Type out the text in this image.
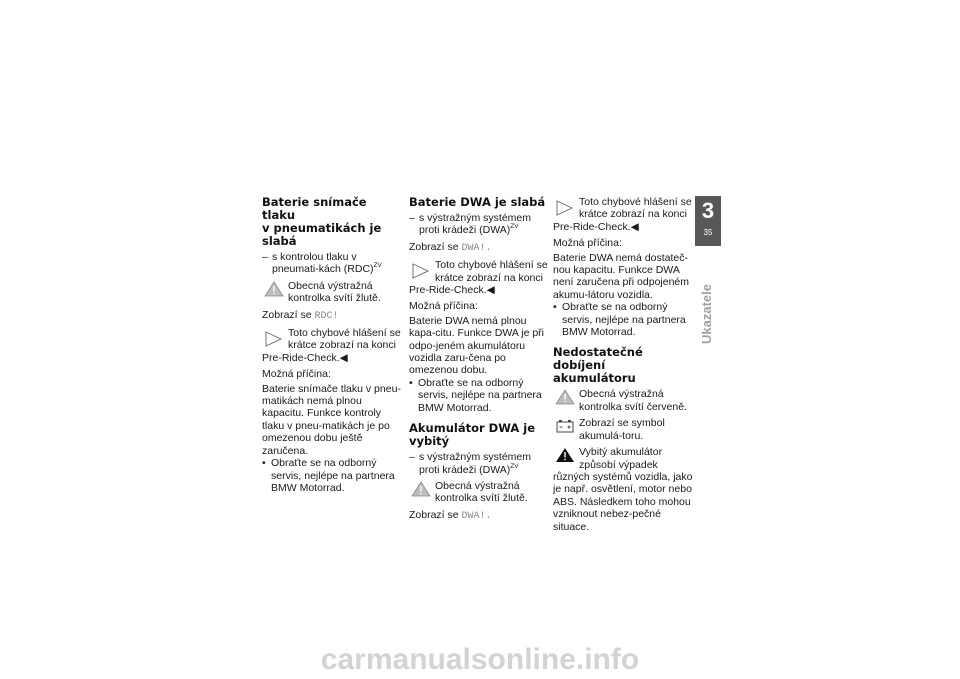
Baterie snímače tlaku
v pneumatikách je slabá

– s kontrolou tlaku v pneumati-kách (RDC)$^{ZV}$

Obecná výstražná kontrolka svítí žlutě.

Zobrazí se RDC!

Toto chybové hlášení se krátce zobrazí na konci Pre-Ride-Check.◀

Možná příčina:

Baterie snímače tlaku v pneu-matikách nemá plnou kapacitu. Funkce kontroly tlaku v pneu-matikách je po omezenou dobu ještě zaručena.

• Obraťte se na odborný servis, nejlépe na partnera BMW Motorrad.

Baterie DWA je slabá

– s výstražným systémem proti krádeži (DWA)$^{ZV}$

Zobrazí se DWA!.

Toto chybové hlášení se krátce zobrazí na konci Pre-Ride-Check.◀

Možná příčina:

Baterie DWA nemá plnou kapa-citu. Funkce DWA je při odpo-jeném akumulátoru vozidla zaru-čena po omezenou dobu.

• Obraťte se na odborný servis, nejlépe na partnera BMW Motorrad.

Akumulátor DWA je vybitý

– s výstražným systémem proti krádeži (DWA)$^{ZV}$

Obecná výstražná kontrolka svítí žlutě.

Zobrazí se DWA!.

Toto chybové hlášení se krátce zobrazí na konci Pre-Ride-Check.◀

Možná příčina:

Baterie DWA nemá dostateč-nou kapacitu. Funkce DWA není zaručena při odpojeném akumu-látoru vozidla.

• Obraťte se na odborný servis, nejlépe na partnera BMW Motorrad.

Nedostatečné dobíjení
akumulátoru
Obecná výstražná kontrolka svítí červeně.
Zobrazí se symbol akumulá-toru.
Vybitý akumulátor způsobí výpadek různých systémů vozidla, jako je např. osvětlení, motor nebo ABS. Následkem toho mohou vzniknout nebez-pečné situace.
3
35
Ukazatele
carmanualsonline.info
